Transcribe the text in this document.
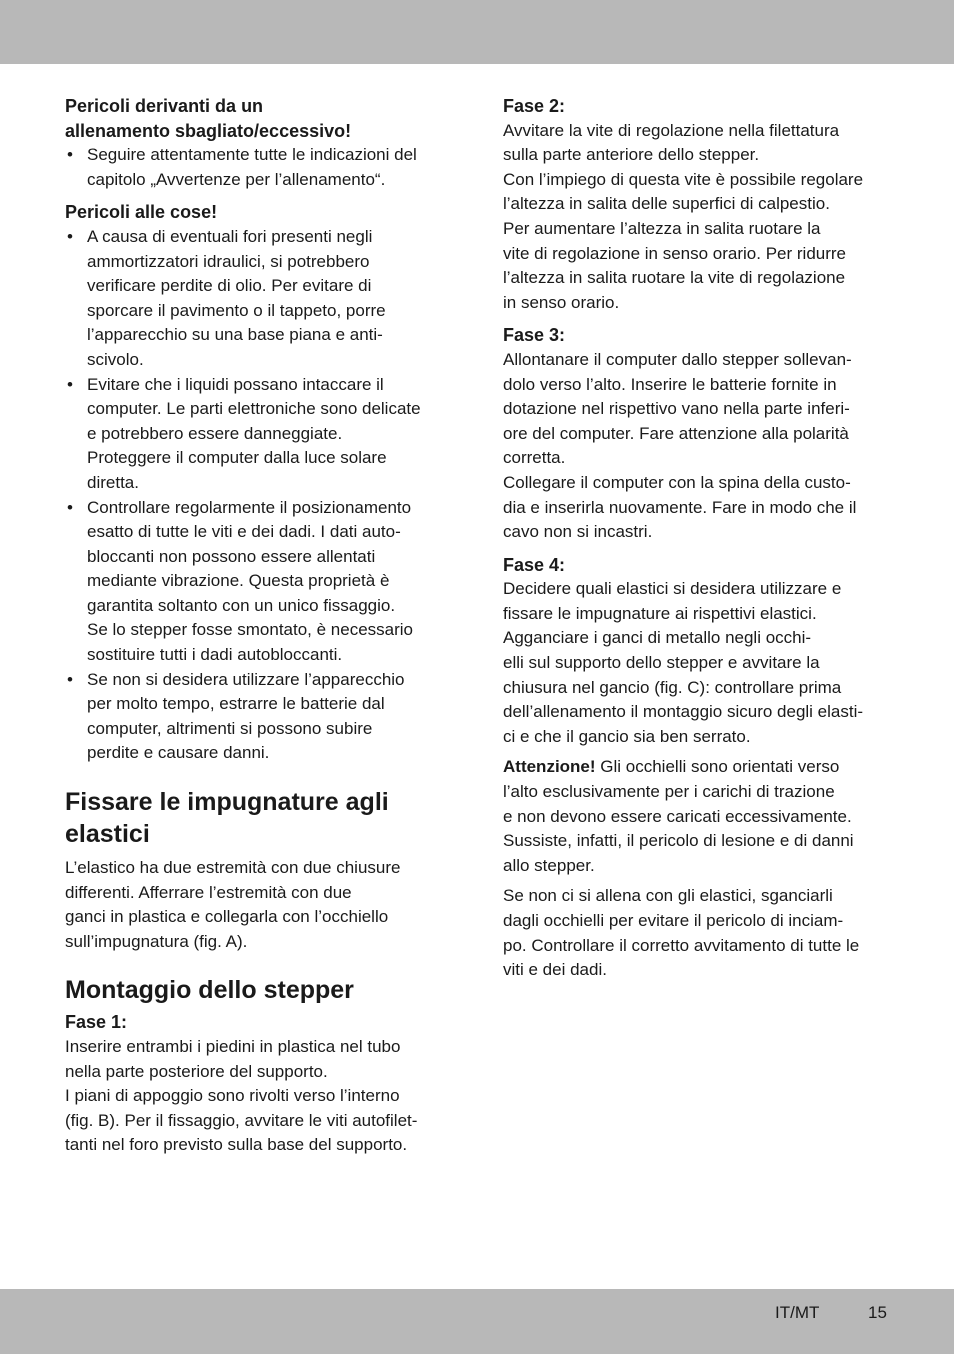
Pericoli derivanti da un
allenamento sbagliato/eccessivo!

• Seguire attentamente tutte le indicazioni del
capitolo „Avvertenze per l’allenamento“.

Pericoli alle cose!

• A causa di eventuali fori presenti negli
ammortizzatori idraulici, si potrebbero
verificare perdite di olio. Per evitare di
sporcare il pavimento o il tappeto, porre
l’apparecchio su una base piana e anti-
scivolo.
• Evitare che i liquidi possano intaccare il
computer. Le parti elettroniche sono delicate
e potrebbero essere danneggiate.
Proteggere il computer dalla luce solare
diretta.
• Controllare regolarmente il posizionamento
esatto di tutte le viti e dei dadi. I dati auto-
bloccanti non possono essere allentati
mediante vibrazione. Questa proprietà è
garantita soltanto con un unico fissaggio.
Se lo stepper fosse smontato, è necessario
sostituire tutti i dadi autobloccanti.
• Se non si desidera utilizzare l’apparecchio
per molto tempo, estrarre le batterie dal
computer, altrimenti si possono subire
perdite e causare danni.

Fissare le impugnature agli
elastici

L’elastico ha due estremità con due chiusure
differenti. Afferrare l’estremità con due
ganci in plastica e collegarla con l’occhiello
sull’impugnatura (fig. A).

Montaggio dello stepper

Fase 1:

Inserire entrambi i piedini in plastica nel tubo
nella parte posteriore del supporto.
I piani di appoggio sono rivolti verso l’interno
(fig. B). Per il fissaggio, avvitare le viti autofilet-
tanti nel foro previsto sulla base del supporto.

Fase 2:

Avvitare la vite di regolazione nella filettatura
sulla parte anteriore dello stepper.
Con l’impiego di questa vite è possibile regolare
l’altezza in salita delle superfici di calpestio.
Per aumentare l’altezza in salita ruotare la
vite di regolazione in senso orario. Per ridurre
l’altezza in salita ruotare la vite di regolazione
in senso orario.

Fase 3:

Allontanare il computer dallo stepper sollevan-
dolo verso l’alto. Inserire le batterie fornite in
dotazione nel rispettivo vano nella parte inferi-
ore del computer. Fare attenzione alla polarità
corretta.
Collegare il computer con la spina della custo-
dia e inserirla nuovamente. Fare in modo che il
cavo non si incastri.

Fase 4:

Decidere quali elastici si desidera utilizzare e
fissare le impugnature ai rispettivi elastici.
Agganciare i ganci di metallo negli occhi-
elli sul supporto dello stepper e avvitare la
chiusura nel gancio (fig. C): controllare prima
dell’allenamento il montaggio sicuro degli elasti-
ci e che il gancio sia ben serrato.

Attenzione! Gli occhielli sono orientati verso
l’alto esclusivamente per i carichi di trazione
e non devono essere caricati eccessivamente.
Sussiste, infatti, il pericolo di lesione e di danni
allo stepper.

Se non ci si allena con gli elastici, sganciarli
dagli occhielli per evitare il pericolo di inciam-
po. Controllare il corretto avvitamento di tutte le
viti e dei dadi.

IT/MT	15
